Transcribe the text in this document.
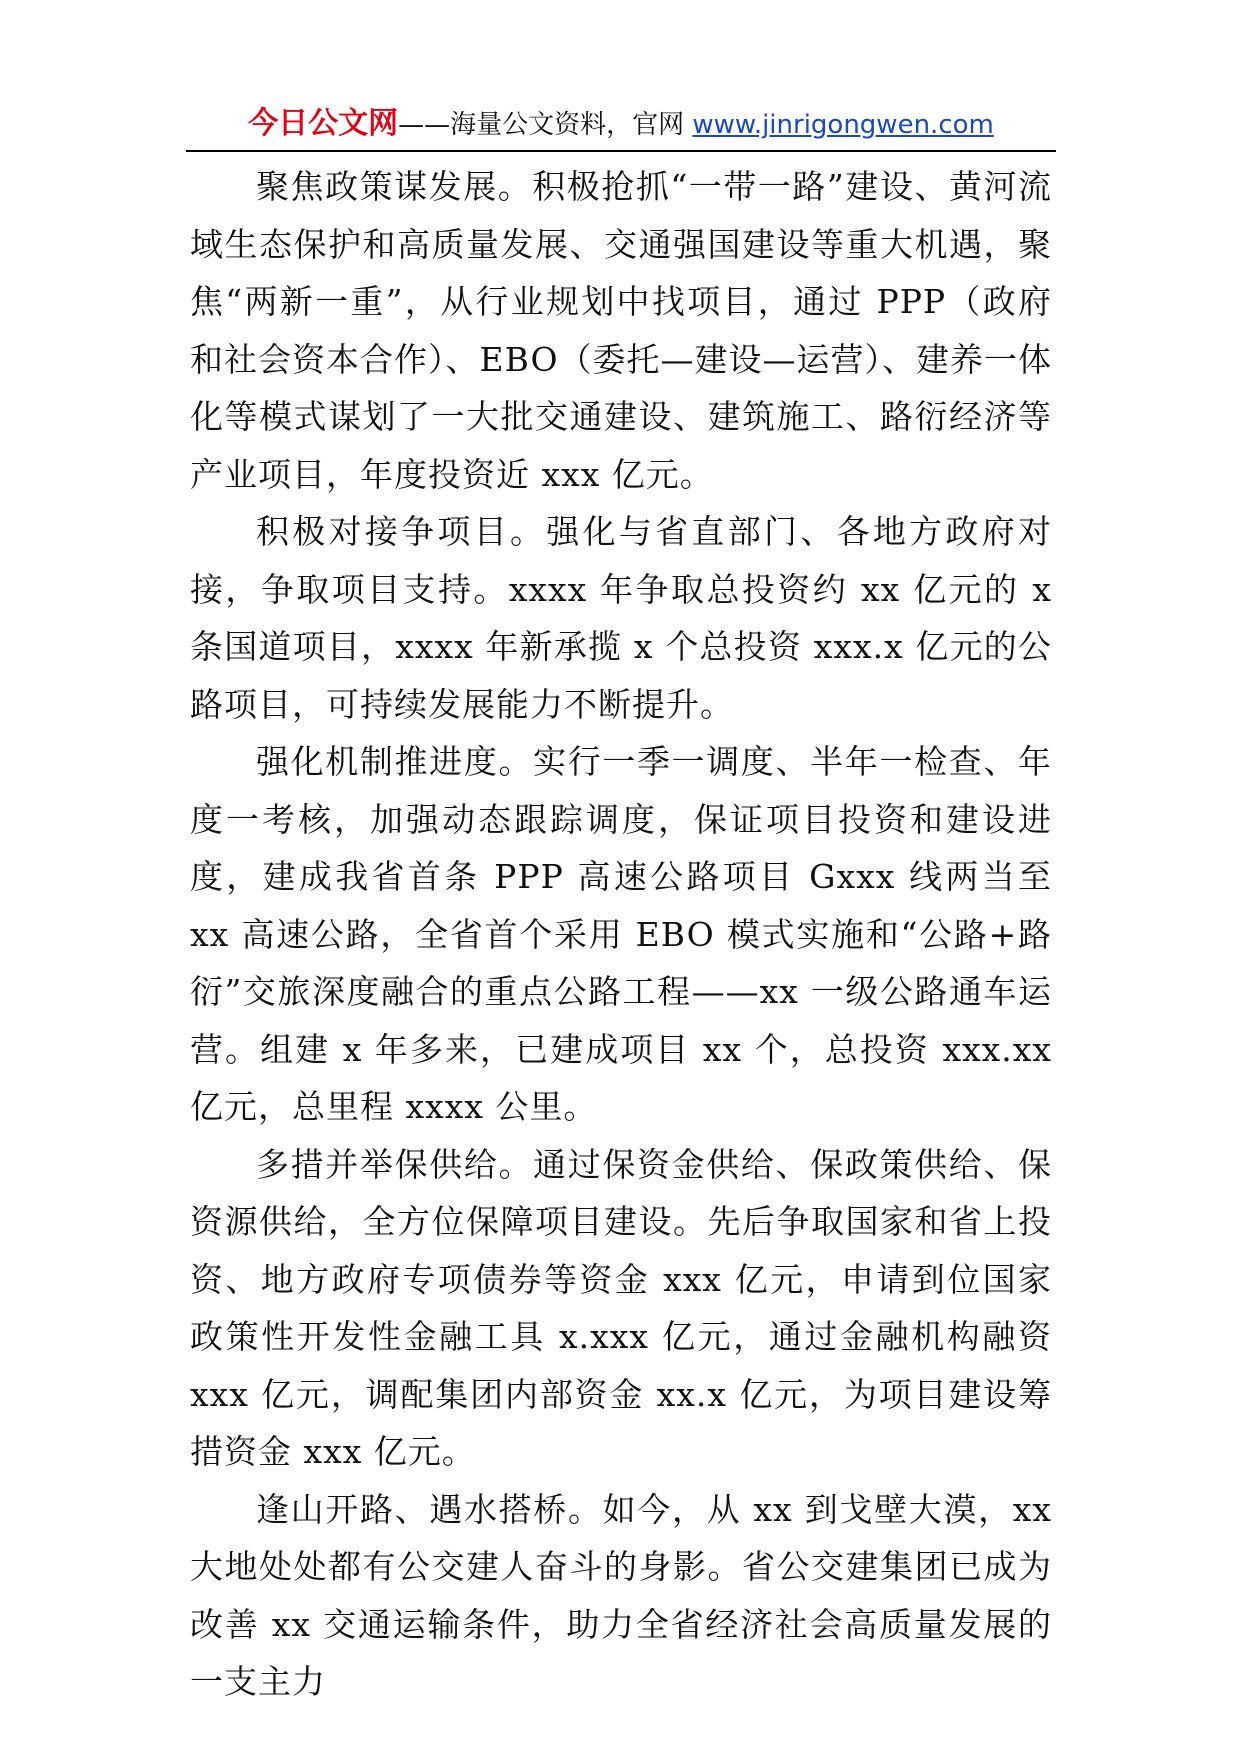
今日公文网——海量公文资料，官网 www.jinrigongwen.com

聚焦政策谋发展。积极抢抓“一带一路”建设、黄河流域生态保护和高质量发展、交通强国建设等重大机遇，聚焦“两新一重”，从行业规划中找项目，通过 PPP（政府和社会资本合作）、EBO（委托—建设—运营）、建养一体化等模式谋划了一大批交通建设、建筑施工、路衍经济等产业项目，年度投资近 xxx 亿元。

积极对接争项目。强化与省直部门、各地方政府对接，争取项目支持。xxxx 年争取总投资约 xx 亿元的 x 条国道项目，xxxx 年新承揽 x 个总投资 xxx.x 亿元的公路项目，可持续发展能力不断提升。

强化机制推进度。实行一季一调度、半年一检查、年度一考核，加强动态跟踪调度，保证项目投资和建设进度，建成我省首条 PPP 高速公路项目 Gxxx 线两当至 xx 高速公路，全省首个采用 EBO 模式实施和“公路+路衍”交旅深度融合的重点公路工程——xx 一级公路通车运营。组建 x 年多来，已建成项目 xx 个，总投资 xxx.xx 亿元，总里程 xxxx 公里。

多措并举保供给。通过保资金供给、保政策供给、保资源供给，全方位保障项目建设。先后争取国家和省上投资、地方政府专项债券等资金 xxx 亿元，申请到位国家政策性开发性金融工具 x.xxx 亿元，通过金融机构融资 xxx 亿元，调配集团内部资金 xx.x 亿元，为项目建设筹措资金 xxx 亿元。

逢山开路、遇水搭桥。如今，从 xx 到戈壁大漠，xx 大地处处都有公交建人奋斗的身影。省公交建集团已成为改善 xx 交通运输条件，助力全省经济社会高质量发展的一支主力
